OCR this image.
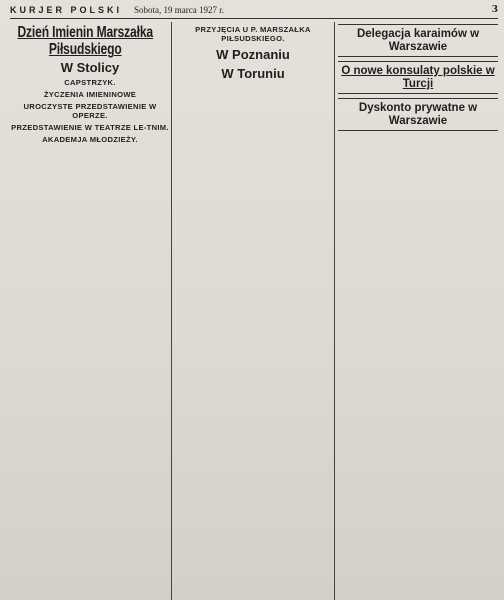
KURJER POLSKI Sobota, 19 marca 1927 r.	3
Dzień Imienin Marszałka Piłsudskiego
W Stolicy
CAPSTRZYK.

ŻYCZENIA IMIENINOWE

UROCZYSTE PRZEDSTAWIENIE W OPERZE.

PRZEDSTAWIENIE W TEATRZE LE-TNIM.

AKADEMJA MŁODZIEŻY.

PRZYJĘCIA U P. MARSZAŁKA PIŁSUDSKIEGO.

W Poznaniu

W Toruniu

Delegacja karaimów w Warszawie

O nowe konsulaty polskie w Turcji

Dyskonto prywatne w Warszawie
